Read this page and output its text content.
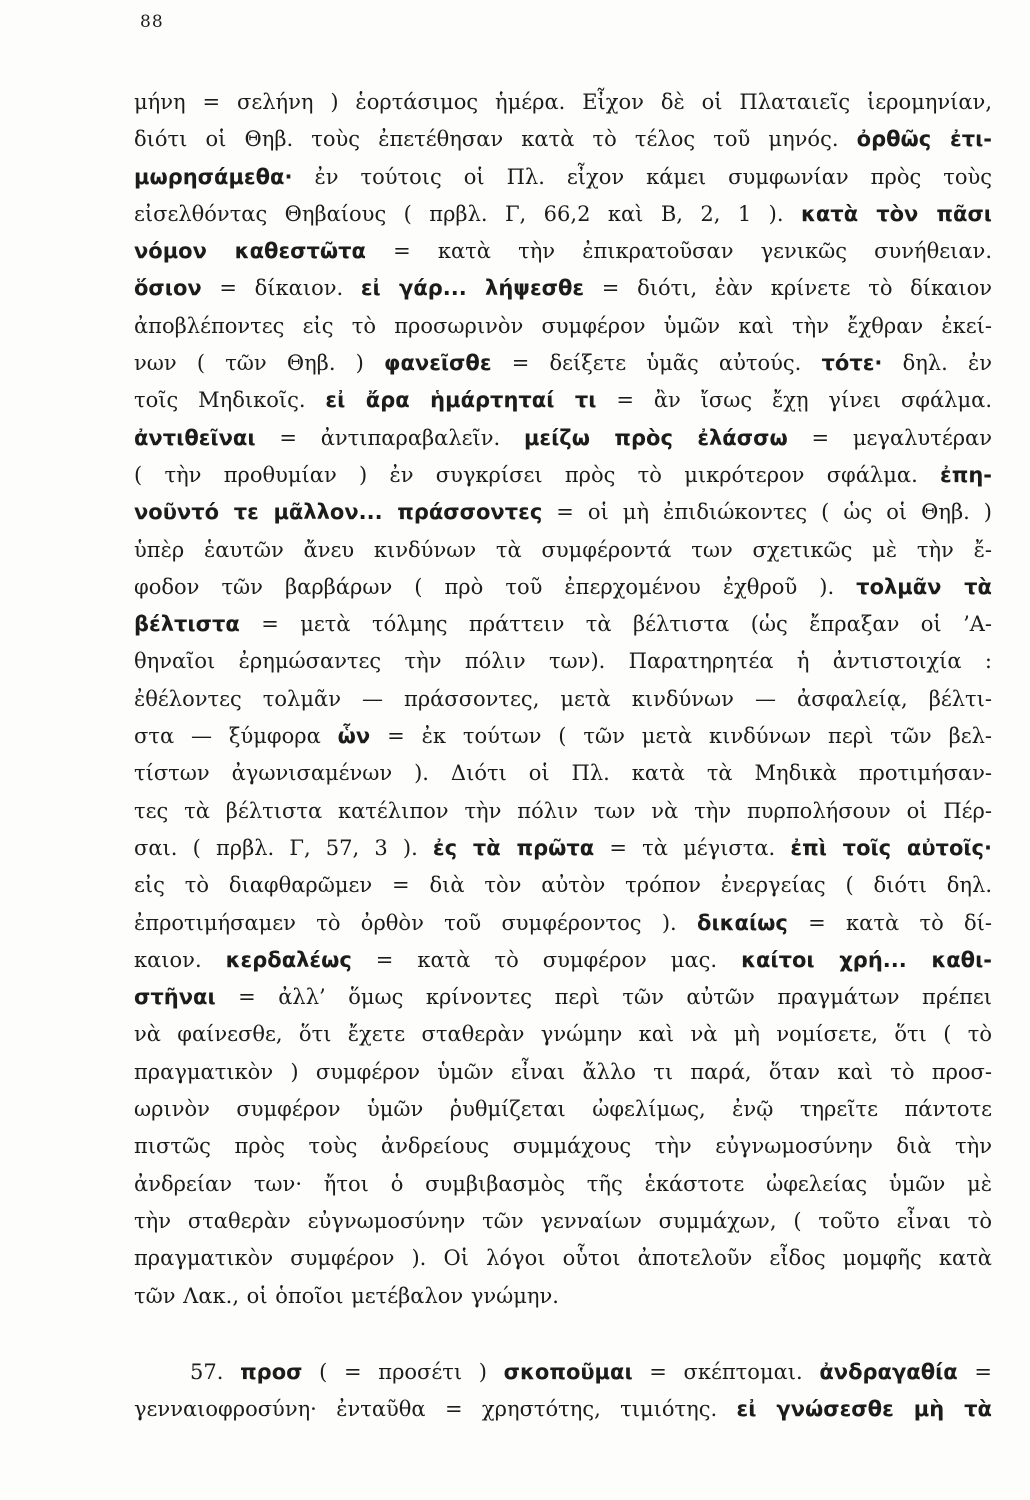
88
μήνη = σελήνη ) ἑορτάσιμος ἡμέρα. Εἶχον δὲ οἱ Πλαταιεῖς ἱερομηνίαν,
διότι οἱ Θηβ. τοὺς ἐπετέθησαν κατὰ τὸ τέλος τοῦ μηνός. ὀρθῶς ἐτι-
μωρησάμεθα· ἐν τούτοις οἱ Πλ. εἶχον κάμει συμφωνίαν πρὸς τοὺς
εἰσελθόντας Θηβαίους ( πρβλ. Γ, 66,2 καὶ Β, 2, 1 ). κατὰ τὸν πᾶσι
νόμον καθεστῶτα = κατὰ τὴν ἐπικρατοῦσαν γενικῶς συνήθειαν.
ὅσιον = δίκαιον. εἰ γάρ... λήψεσθε = διότι, ἐὰν κρίνετε τὸ δίκαιον
ἀποβλέποντες εἰς τὸ προσωρινὸν συμφέρον ὑμῶν καὶ τὴν ἔχθραν ἐκεί-
νων ( τῶν Θηβ. ) φανεῖσθε = δείξετε ὑμᾶς αὐτούς. τότε· δηλ. ἐν
τοῖς Μηδικοῖς. εἰ ἄρα ἡμάρτηταί τι = ἂν ἴσως ἔχῃ γίνει σφάλμα.
ἀντιθεῖναι = ἀντιπαραβαλεῖν. μείζω πρὸς ἐλάσσω = μεγαλυτέραν
( τὴν προθυμίαν ) ἐν συγκρίσει πρὸς τὸ μικρότερον σφάλμα. ἐπη-
νοῦντό τε μᾶλλον... πράσσοντες = οἱ μὴ ἐπιδιώκοντες ( ὡς οἱ Θηβ. )
ὑπὲρ ἑαυτῶν ἄνευ κινδύνων τὰ συμφέροντά των σχετικῶς μὲ τὴν ἔ-
φοδον τῶν βαρβάρων ( πρὸ τοῦ ἐπερχομένου ἐχθροῦ ). τολμᾶν τὰ
βέλτιστα = μετὰ τόλμης πράττειν τὰ βέλτιστα (ὡς ἔπραξαν οἱ ’Α-
θηναῖοι ἐρημώσαντες τὴν πόλιν των). Παρατηρητέα ἡ ἀντιστοιχία :
ἐθέλοντες τολμᾶν — πράσσοντες, μετὰ κινδύνων — ἀσφαλείᾳ, βέλτι-
στα — ξύμφορα ὧν = ἐκ τούτων ( τῶν μετὰ κινδύνων περὶ τῶν βελ-
τίστων ἀγωνισαμένων ). Διότι οἱ Πλ. κατὰ τὰ Μηδικὰ προτιμήσαν-
τες τὰ βέλτιστα κατέλιπον τὴν πόλιν των νὰ τὴν πυρπολήσουν οἱ Πέρ-
σαι. ( πρβλ. Γ, 57, 3 ). ἐς τὰ πρῶτα = τὰ μέγιστα. ἐπὶ τοῖς αὐτοῖς·
εἰς τὸ διαφθαρῶμεν = διὰ τὸν αὐτὸν τρόπον ἐνεργείας ( διότι δηλ.
ἐπροτιμήσαμεν τὸ ὀρθὸν τοῦ συμφέροντος ). δικαίως = κατὰ τὸ δί-
καιον. κερδαλέως = κατὰ τὸ συμφέρον μας. καίτοι χρή... καθι-
στῆναι = ἀλλ’ ὅμως κρίνοντες περὶ τῶν αὐτῶν πραγμάτων πρέπει
νὰ φαίνεσθε, ὅτι ἔχετε σταθερὰν γνώμην καὶ νὰ μὴ νομίσετε, ὅτι ( τὸ
πραγματικὸν ) συμφέρον ὑμῶν εἶναι ἄλλο τι παρά, ὅταν καὶ τὸ προσ-
ωρινὸν συμφέρον ὑμῶν ῥυθμίζεται ὠφελίμως, ἐνῷ τηρεῖτε πάντοτε
πιστῶς πρὸς τοὺς ἀνδρείους συμμάχους τὴν εὐγνωμοσύνην διὰ τὴν
ἀνδρείαν των· ἤτοι ὁ συμβιβασμὸς τῆς ἑκάστοτε ὠφελείας ὑμῶν μὲ
τὴν σταθερὰν εὐγνωμοσύνην τῶν γενναίων συμμάχων, ( τοῦτο εἶναι τὸ
πραγματικὸν συμφέρον ). Οἱ λόγοι οὗτοι ἀποτελοῦν εἶδος μομφῆς κατὰ
τῶν Λακ., οἱ ὁποῖοι μετέβαλον γνώμην.
57. προσ ( = προσέτι ) σκοποῦμαι = σκέπτομαι. ἀνδραγαθία =
γενναιοφροσύνη· ἐνταῦθα = χρηστότης, τιμιότης. εἰ γνώσεσθε μὴ τὰ
